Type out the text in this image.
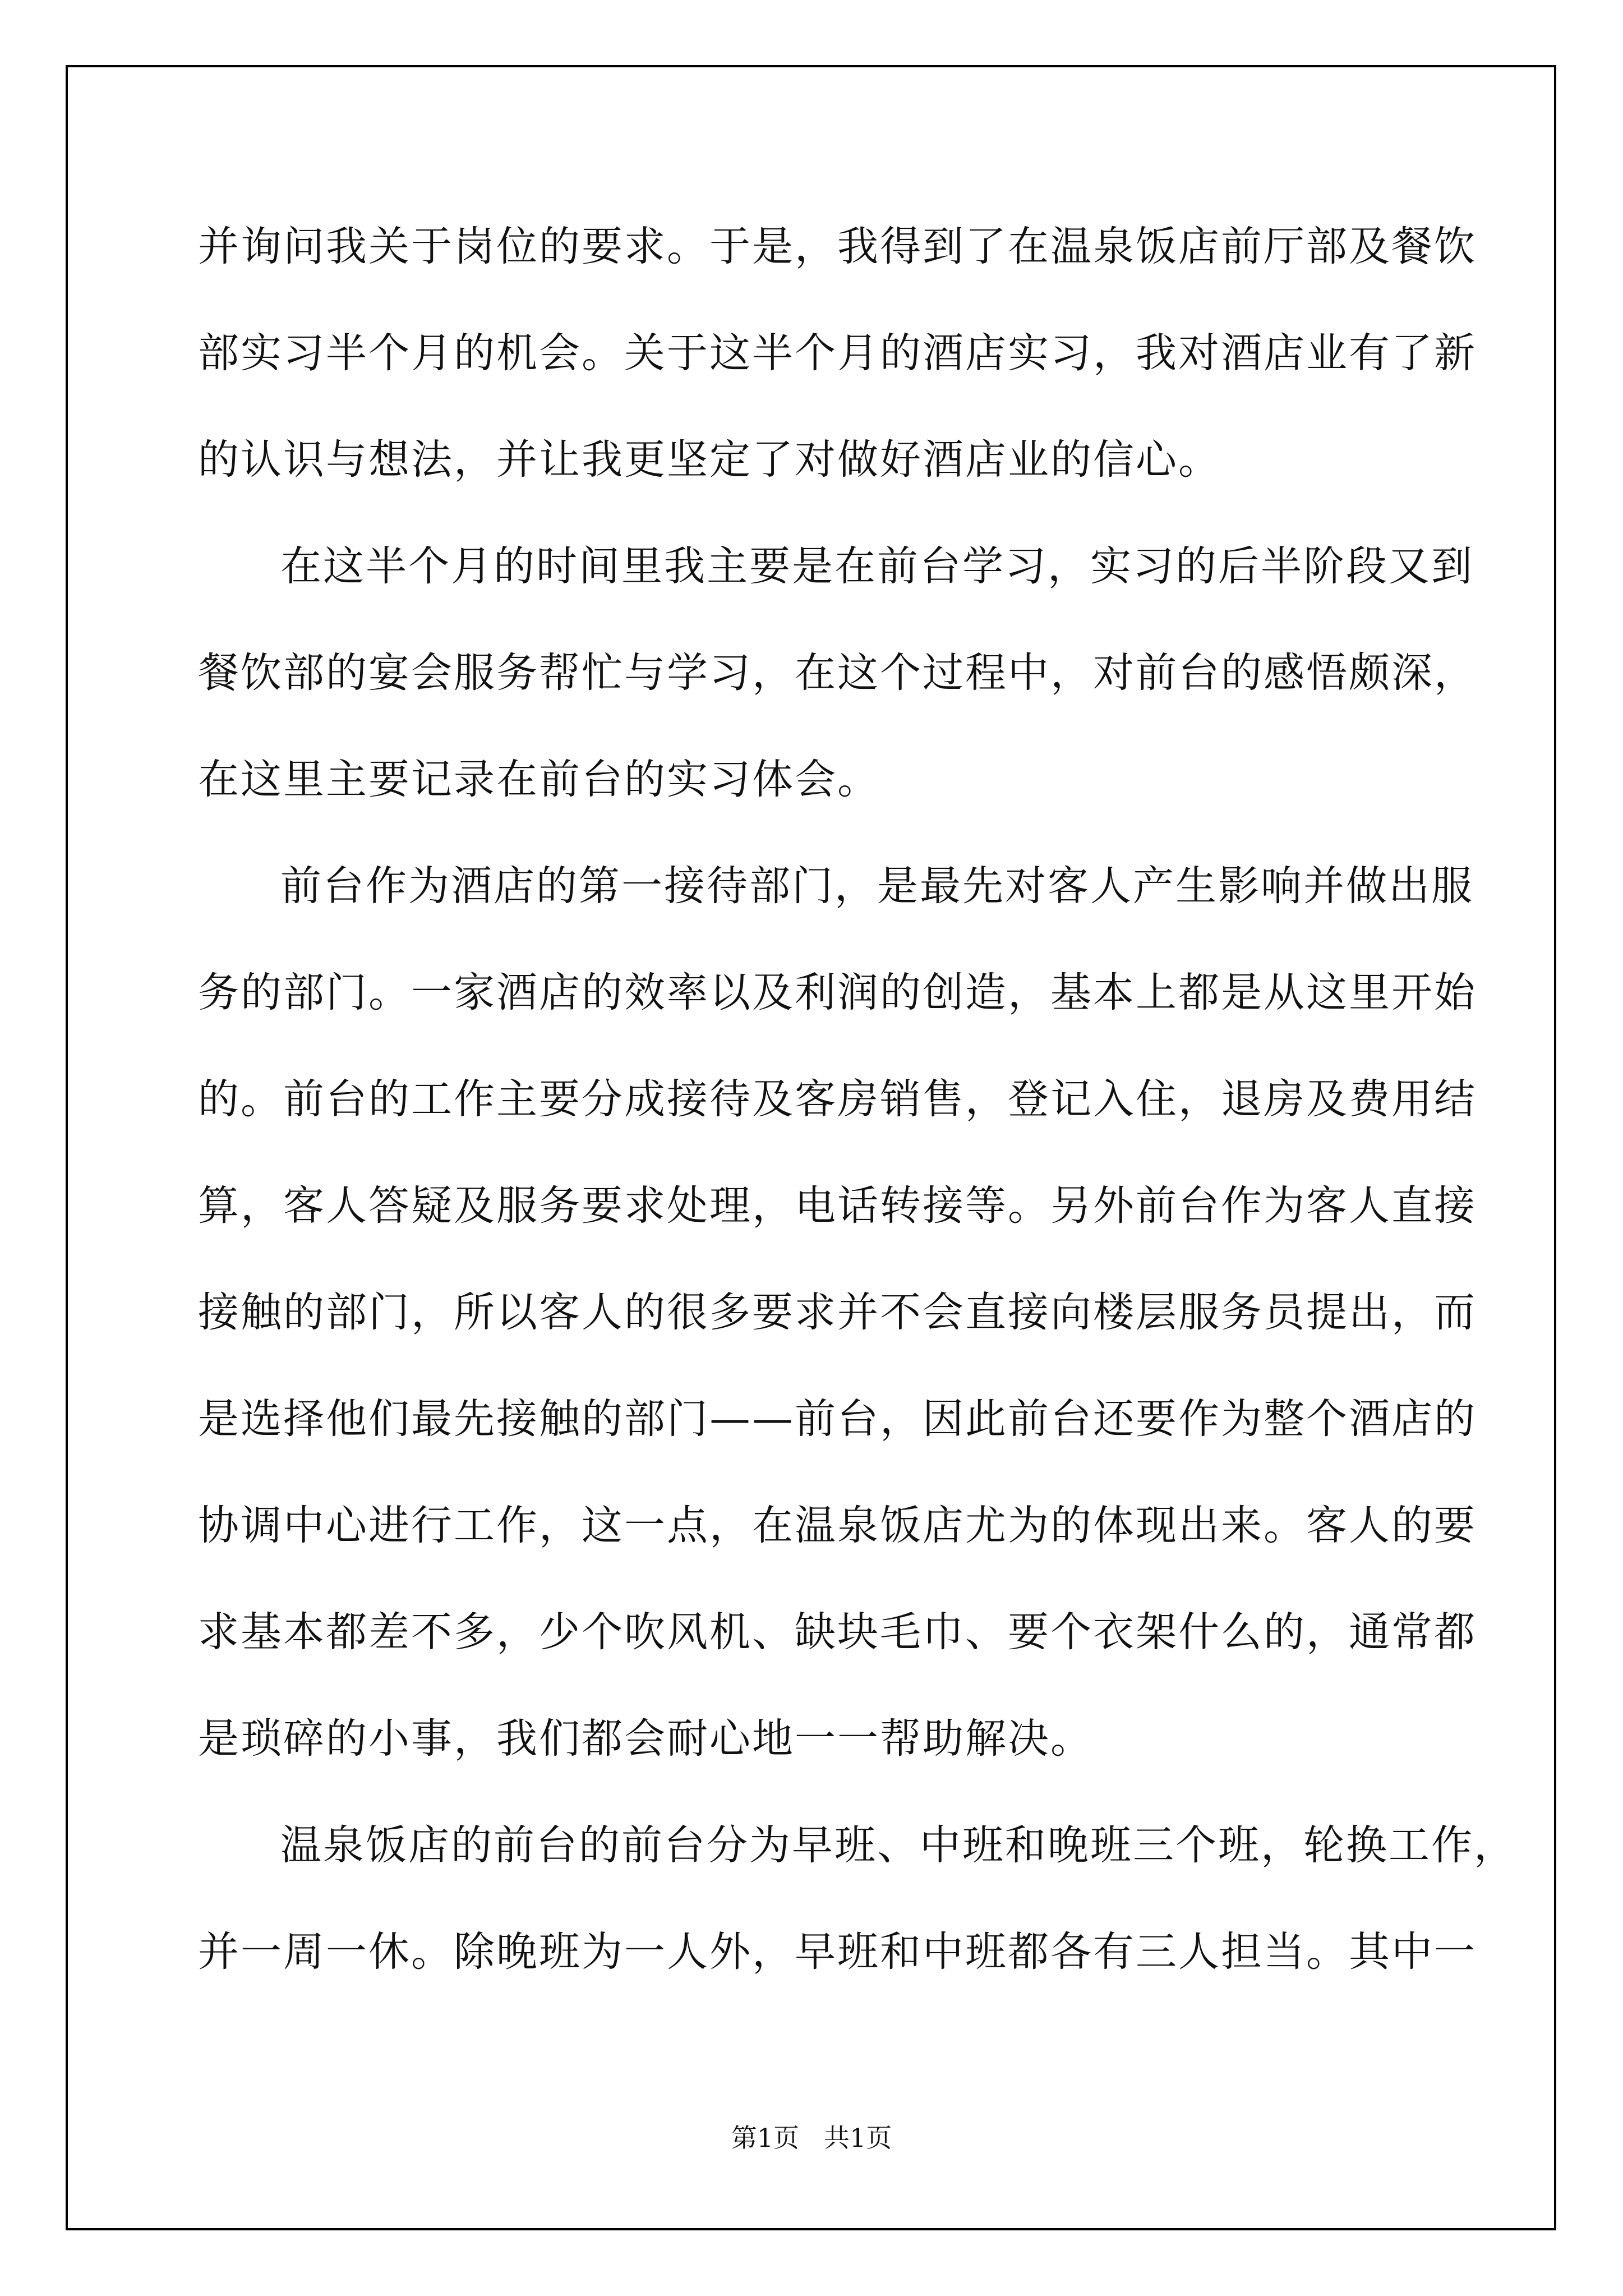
并询问我关于岗位的要求。于是，我得到了在温泉饭店前厅部及餐饮
部实习半个月的机会。关于这半个月的酒店实习，我对酒店业有了新
的认识与想法，并让我更坚定了对做好酒店业的信心。
在这半个月的时间里我主要是在前台学习，实习的后半阶段又到
餐饮部的宴会服务帮忙与学习，在这个过程中，对前台的感悟颇深，
在这里主要记录在前台的实习体会。
前台作为酒店的第一接待部门，是最先对客人产生影响并做出服
务的部门。一家酒店的效率以及利润的创造，基本上都是从这里开始
的。前台的工作主要分成接待及客房销售，登记入住，退房及费用结
算，客人答疑及服务要求处理，电话转接等。另外前台作为客人直接
接触的部门，所以客人的很多要求并不会直接向楼层服务员提出，而
是选择他们最先接触的部门——前台，因此前台还要作为整个酒店的
协调中心进行工作，这一点，在温泉饭店尤为的体现出来。客人的要
求基本都差不多，少个吹风机、缺块毛巾、要个衣架什么的，通常都
是琐碎的小事，我们都会耐心地一一帮助解决。
温泉饭店的前台的前台分为早班、中班和晚班三个班，轮换工作，
并一周一休。除晚班为一人外，早班和中班都各有三人担当。其中一
第1页 共1页
